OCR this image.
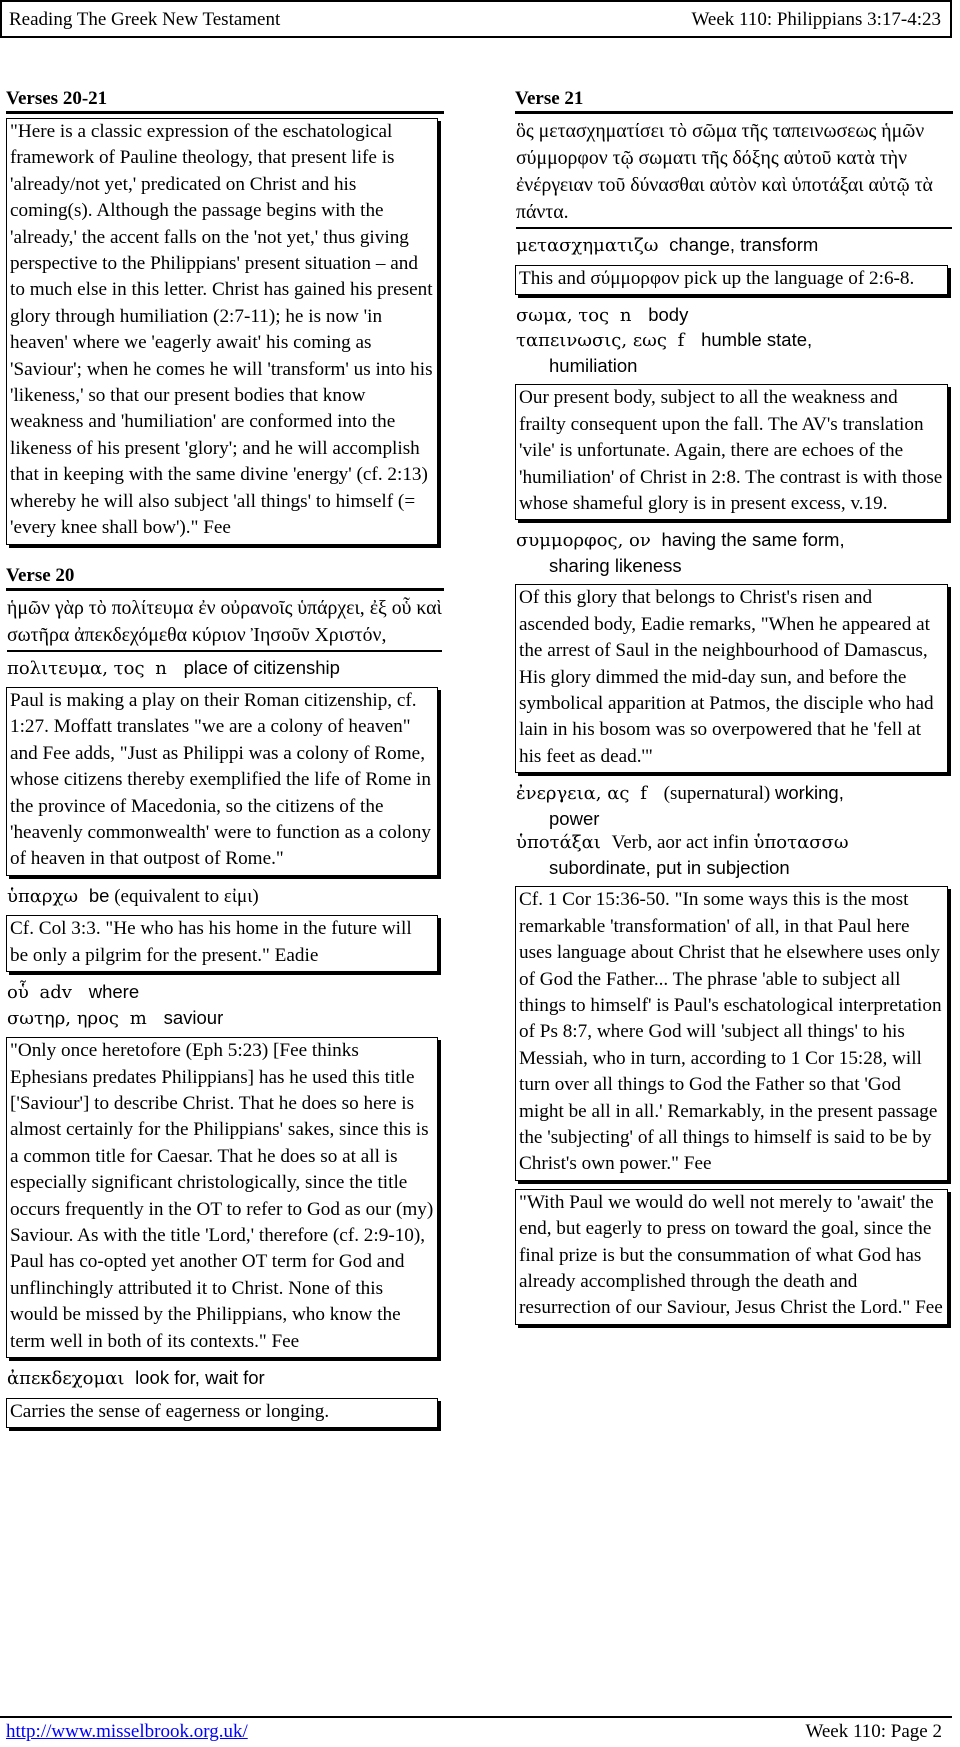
Reading The Greek New Testament	Week 110: Philippians 3:17-4:23
Verses 20-21
"Here is a classic expression of the eschatological framework of Pauline theology, that present life is 'already/not yet,' predicated on Christ and his coming(s). Although the passage begins with the 'already,' the accent falls on the 'not yet,' thus giving perspective to the Philippians' present situation – and to much else in this letter. Christ has gained his present glory through humiliation (2:7-11); he is now 'in heaven' where we 'eagerly await' his coming as 'Saviour'; when he comes he will 'transform' us into his 'likeness,' so that our present bodies that know weakness and 'humiliation' are conformed into the likeness of his present 'glory'; and he will accomplish that in keeping with the same divine 'energy' (cf. 2:13) whereby he will also subject 'all things' to himself (= 'every knee shall bow')." Fee
Verse 20
ἡμῶν γὰρ τὸ πολίτευμα ἐν οὐρανοῖς ὑπάρχει, ἐξ οὗ καὶ σωτῆρα ἀπεκδεχόμεθα κύριον Ἰησοῦν Χριστόν,
πολιτευμα, τος n place of citizenship
Paul is making a play on their Roman citizenship, cf. 1:27. Moffatt translates "we are a colony of heaven" and Fee adds, "Just as Philippi was a colony of Rome, whose citizens thereby exemplified the life of Rome in the province of Macedonia, so the citizens of the 'heavenly commonwealth' were to function as a colony of heaven in that outpost of Rome."
ὑπαρχω be (equivalent to εἰμι)
Cf. Col 3:3. "He who has his home in the future will be only a pilgrim for the present." Eadie
οὗ adv where
σωτηρ, ηρος m saviour
"Only once heretofore (Eph 5:23) [Fee thinks Ephesians predates Philippians] has he used this title ['Saviour'] to describe Christ. That he does so here is almost certainly for the Philippians' sakes, since this is a common title for Caesar. That he does so at all is especially significant christologically, since the title occurs frequently in the OT to refer to God as our (my) Saviour. As with the title 'Lord,' therefore (cf. 2:9-10), Paul has co-opted yet another OT term for God and unflinchingly attributed it to Christ. None of this would be missed by the Philippians, who know the term well in both of its contexts." Fee
ἀπεκδεχομαι look for, wait for
Carries the sense of eagerness or longing.
Verse 21
ὃς μετασχηματίσει τὸ σῶμα τῆς ταπεινωσεως ἡμῶν σύμμορφον τῷ σωματι τῆς δόξης αὐτοῦ κατὰ τὴν ἐνέργειαν τοῦ δύνασθαι αὐτὸν καὶ ὑποτάξαι αὐτῷ τὰ πάντα.
μετασχηματιζω change, transform
This and σύμμορφον pick up the language of 2:6-8.
σωμα, τος n body
ταπεινωσις, εως f humble state,
humiliation
Our present body, subject to all the weakness and frailty consequent upon the fall. The AV's translation 'vile' is unfortunate. Again, there are echoes of the 'humiliation' of Christ in 2:8. The contrast is with those whose shameful glory is in present excess, v.19.
συμμορφος, ον having the same form,
sharing likeness
Of this glory that belongs to Christ's risen and ascended body, Eadie remarks, "When he appeared at the arrest of Saul in the neighbourhood of Damascus, His glory dimmed the mid-day sun, and before the symbolical apparition at Patmos, the disciple who had lain in his bosom was so overpowered that he 'fell at his feet as dead.'"
ἐνεργεια, ας f (supernatural) working,
power
ὑποτάξαι Verb, aor act infin ὑποτασσω
subordinate, put in subjection
Cf. 1 Cor 15:36-50. "In some ways this is the most remarkable 'transformation' of all, in that Paul here uses language about Christ that he elsewhere uses only of God the Father... The phrase 'able to subject all things to himself' is Paul's eschatological interpretation of Ps 8:7, where God will 'subject all things' to his Messiah, who in turn, according to 1 Cor 15:28, will turn over all things to God the Father so that 'God might be all in all.' Remarkably, in the present passage the 'subjecting' of all things to himself is said to be by Christ's own power." Fee
"With Paul we would do well not merely to 'await' the end, but eagerly to press on toward the goal, since the final prize is but the consummation of what God has already accomplished through the death and resurrection of our Saviour, Jesus Christ the Lord." Fee
http://www.misselbrook.org.uk/	Week 110: Page 2
